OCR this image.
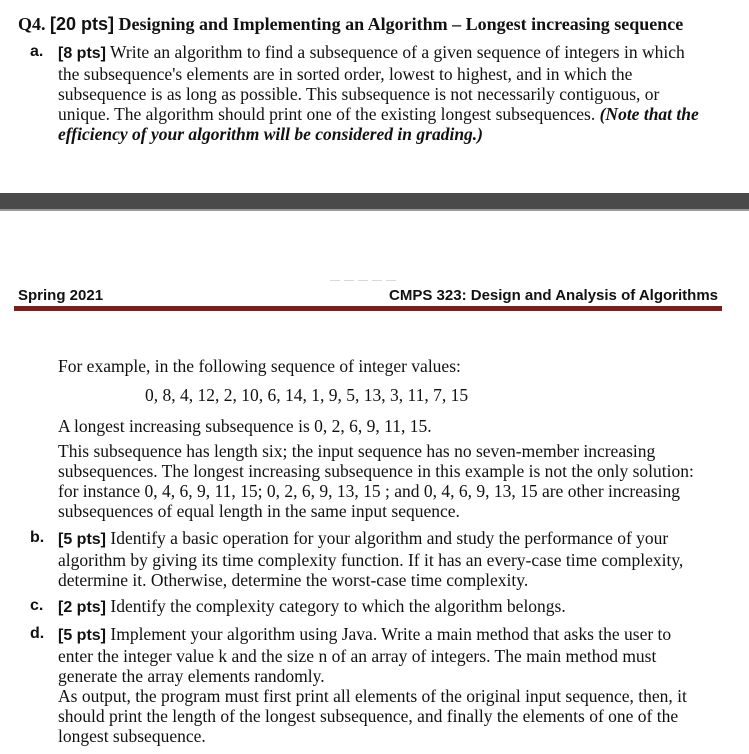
Q4. [20 pts] Designing and Implementing an Algorithm – Longest increasing sequence
a. [8 pts] Write an algorithm to find a subsequence of a given sequence of integers in which
the subsequence's elements are in sorted order, lowest to highest, and in which the
subsequence is as long as possible. This subsequence is not necessarily contiguous, or
unique. The algorithm should print one of the existing longest subsequences. (Note that the
efficiency of your algorithm will be considered in grading.)
Spring 2021	CMPS 323: Design and Analysis of Algorithms
For example, in the following sequence of integer values:
0, 8, 4, 12, 2, 10, 6, 14, 1, 9, 5, 13, 3, 11, 7, 15
A longest increasing subsequence is 0, 2, 6, 9, 11, 15.
This subsequence has length six; the input sequence has no seven-member increasing
subsequences. The longest increasing subsequence in this example is not the only solution:
for instance 0, 4, 6, 9, 11, 15; 0, 2, 6, 9, 13, 15 ; and 0, 4, 6, 9, 13, 15 are other increasing
subsequences of equal length in the same input sequence.
b. [5 pts] Identify a basic operation for your algorithm and study the performance of your
algorithm by giving its time complexity function. If it has an every-case time complexity,
determine it. Otherwise, determine the worst-case time complexity.
c. [2 pts] Identify the complexity category to which the algorithm belongs.
d. [5 pts] Implement your algorithm using Java. Write a main method that asks the user to
enter the integer value k and the size n of an array of integers. The main method must
generate the array elements randomly.
As output, the program must first print all elements of the original input sequence, then, it
should print the length of the longest subsequence, and finally the elements of one of the
longest subsequence.
